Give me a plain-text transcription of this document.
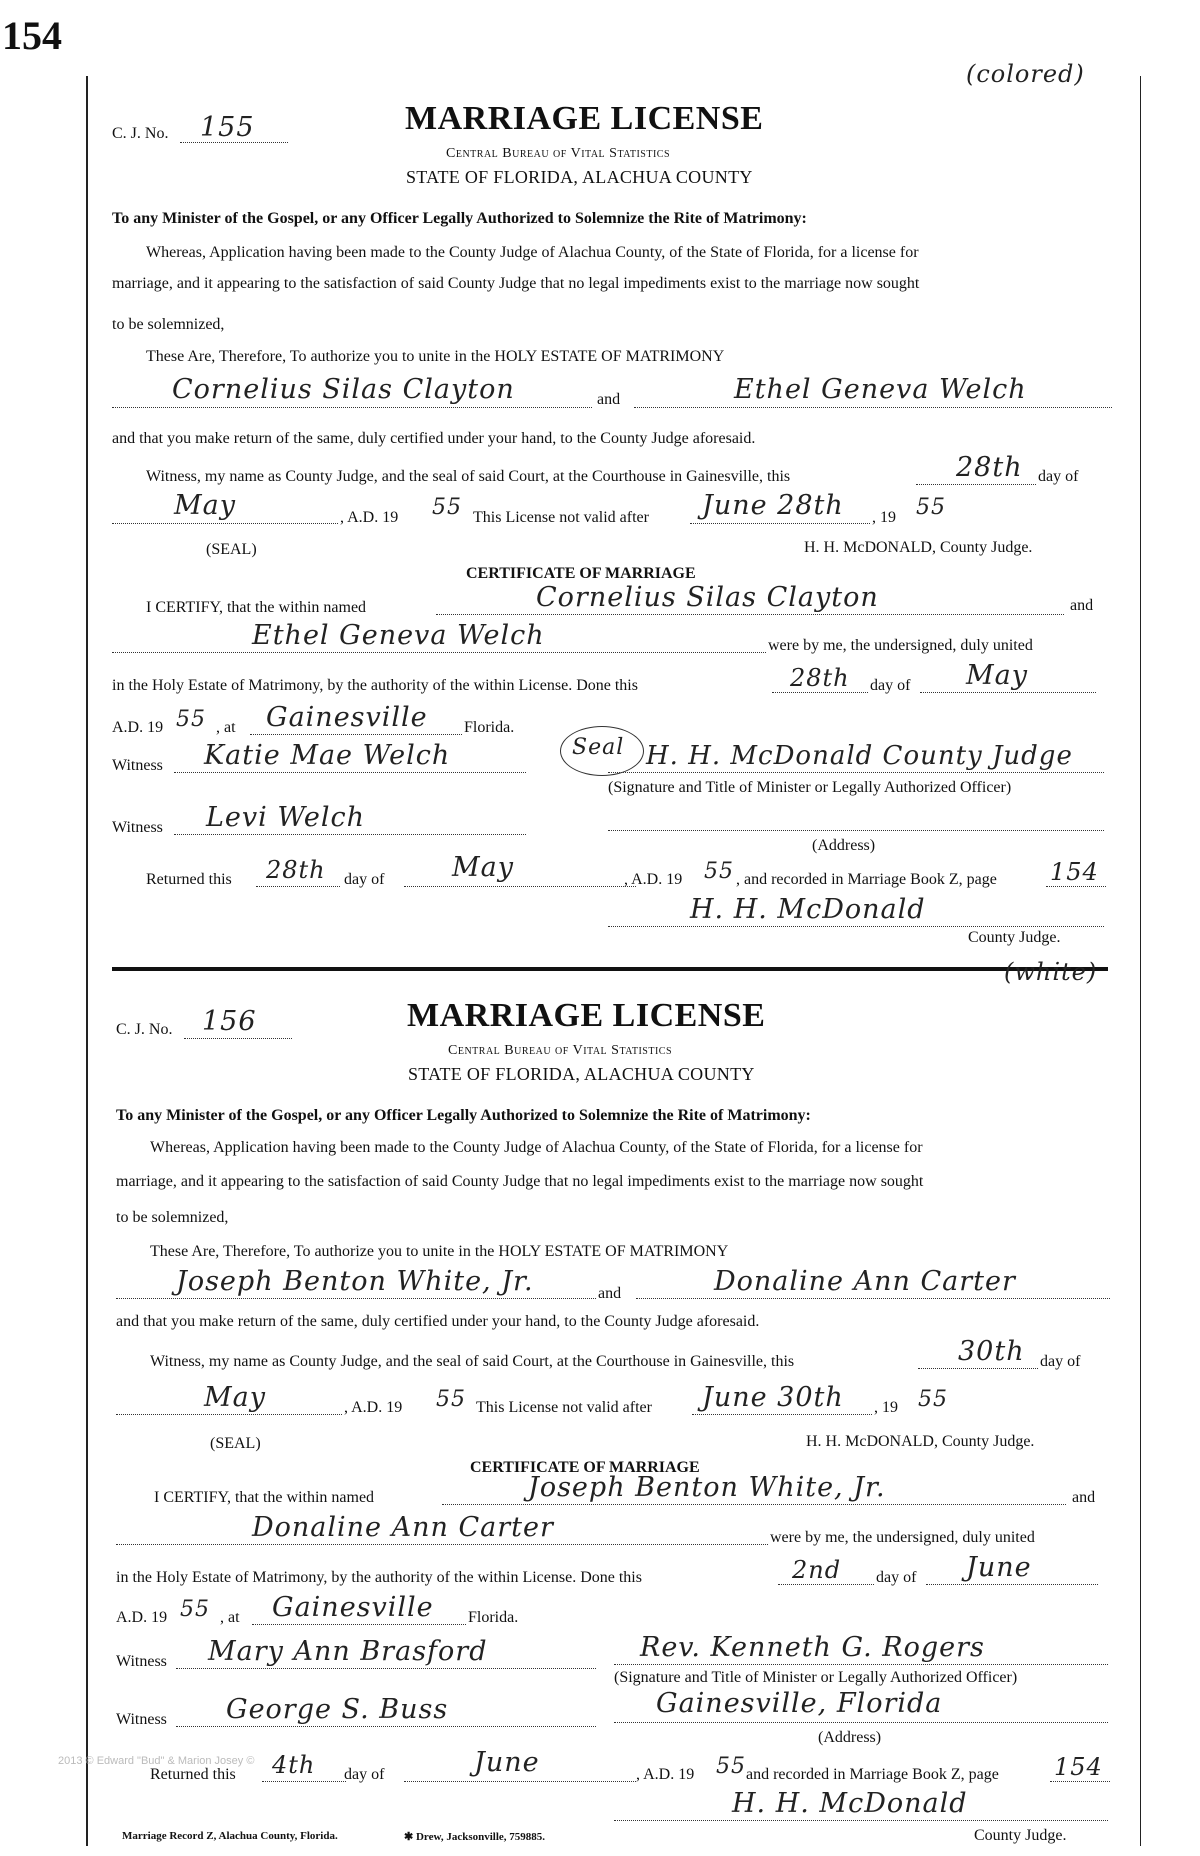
154
(colored)
C. J. No. 155	MARRIAGE LICENSE
Central Bureau of Vital Statistics
STATE OF FLORIDA, ALACHUA COUNTY
To any Minister of the Gospel, or any Officer Legally Authorized to Solemnize the Rite of Matrimony:
Whereas, Application having been made to the County Judge of Alachua County, of the State of Florida, for a license for
marriage, and it appearing to the satisfaction of said County Judge that no legal impediments exist to the marriage now sought
to be solemnized,
These Are, Therefore, To authorize you to unite in the HOLY ESTATE OF MATRIMONY
Cornelius Silas Clayton	and	Ethel Geneva Welch
and that you make return of the same, duly certified under your hand, to the County Judge aforesaid.
Witness, my name as County Judge, and the seal of said Court, at the Courthouse in Gainesville, this	28th day of
May	, A.D. 19 55 This License not valid after June 28th , 19 55
(SEAL)	H. H. McDONALD, County Judge.
CERTIFICATE OF MARRIAGE
I CERTIFY, that the within named	Cornelius Silas Clayton	and
Ethel Geneva Welch	were by me, the undersigned, duly united
in the Holy Estate of Matrimony, by the authority of the within License. Done this	28th day of May
A.D. 19 55 , at Gainesville Florida.
Witness Katie Mae Welch	Seal H. H. McDonald County Judge
(Signature and Title of Minister or Legally Authorized Officer)
Witness Levi Welch
(Address)
Returned this 28th day of	May	, A.D. 19 55 , and recorded in Marriage Book Z, page 154
H. H. McDonald
County Judge.
(white)
C. J. No. 156	MARRIAGE LICENSE
Central Bureau of Vital Statistics
STATE OF FLORIDA, ALACHUA COUNTY
To any Minister of the Gospel, or any Officer Legally Authorized to Solemnize the Rite of Matrimony:
Whereas, Application having been made to the County Judge of Alachua County, of the State of Florida, for a license for
marriage, and it appearing to the satisfaction of said County Judge that no legal impediments exist to the marriage now sought
to be solemnized,
These Are, Therefore, To authorize you to unite in the HOLY ESTATE OF MATRIMONY
Joseph Benton White, Jr.	and	Donaline Ann Carter
and that you make return of the same, duly certified under your hand, to the County Judge aforesaid.
Witness, my name as County Judge, and the seal of said Court, at the Courthouse in Gainesville, this	30th day of
May	, A.D. 19 55 This License not valid after June 30th , 19 55
(SEAL)	H. H. McDONALD, County Judge.
CERTIFICATE OF MARRIAGE
I CERTIFY, that the within named	Joseph Benton White, Jr.	and
Donaline Ann Carter	were by me, the undersigned, duly united
in the Holy Estate of Matrimony, by the authority of the within License. Done this	2nd day of June
A.D. 19 55 , at Gainesville Florida.
Witness Mary Ann Brasford	Rev. Kenneth G. Rogers
(Signature and Title of Minister or Legally Authorized Officer)
Witness George S. Buss	Gainesville, Florida
(Address)
Returned this 4th day of	June	, A.D. 19 55 and recorded in Marriage Book Z, page 154
H. H. McDonald
County Judge.
2013 © Edward "Bud" & Marion Josey ©
Marriage Record Z, Alachua County, Florida.	✱ Drew, Jacksonville, 759885.
